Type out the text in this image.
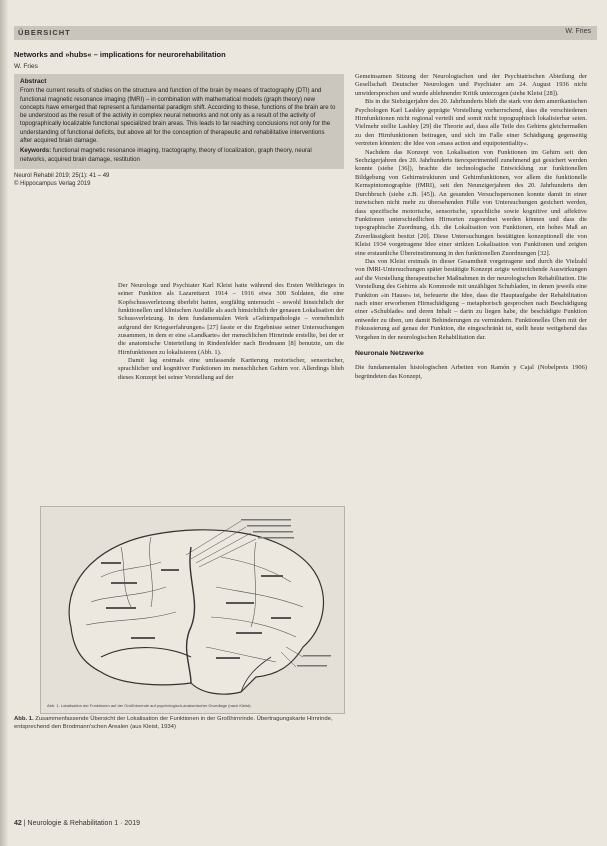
ÜBERSICHT	W. Fries
Networks and »hubs« – implications for neurorehabilitation
W. Fries
Abstract
From the current results of studies on the structure and function of the brain by means of tractography (DTI) and functional magnetic resonance imaging (fMRI) – in combination with mathematical models (graph theory) new concepts have emerged that represent a fundamental paradigm shift. According to these, functions of the brain are to be understood as the result of the activity in complex neural networks and not only as a result of the activity of topographically localizable functional specialized brain areas. This leads to far reaching conclusions not only for the understanding of functional deficits, but above all for the conception of therapeutic and rehabilitative interventions after acquired brain damage.
Keywords: functional magnetic resonance imaging, tractography, theory of localization, graph theory, neural networks, acquired brain damage, restitution
Neurol Rehabil 2019; 25(1): 41 – 49
© Hippocampus Verlag 2019

Der Neurologe und Psychiater Karl Kleist hatte während des Ersten Weltkrieges in seiner Funktion als Lazarettarzt 1914 – 1916 etwa 300 Soldaten, die eine Kopfschussverletzung überlebt hatten, sorgfältig untersucht – sowohl hinsichtlich der funktionellen und klinischen Ausfälle als auch hinsichtlich der genauen Lokalisation der Schussverletzung. In dem fundamentalen Werk »Gehirnpathologie – vornehmlich aufgrund der Kriegserfahrungen« [27] fasste er die Ergebnisse seiner Untersuchungen zusammen, in dem er eine »Landkarte« der menschlichen Hirnrinde erstellte, bei der er die anatomische Unterteilung in Rindenfelder nach Brodmann [8] benutzte, um die Hirnfunktionen zu lokalisieren (Abb. 1).

Damit lag erstmals eine umfassende Kartierung motorischer, sensorischer, sprachlicher und kognitiver Funktionen im menschlichen Gehirn vor. Allerdings blieb dieses Konzept bei seiner Vorstellung auf der

Abb. 1. Lokalisation der Funktionen auf der Großhirnrinde auf psychologisch-anatomischer Grundlage (nach Kleist).
Abb. 1. Zusammenfassende Übersicht der Lokalisation der Funktionen in der Großhirnrinde. Übertragungskarte Hirnrinde, entsprechend den Brodmann'schen Arealen (aus Kleist, 1934)

Gemeinsamen Sitzung der Neurologischen und der Psychiatrischen Abteilung der Gesellschaft Deutscher Neurologen und Psychiater am 24. August 1936 nicht unwidersprochen und wurde ablehnender Kritik unterzogen (siehe Kleist [28]).

Bis in die Siebzigerjahre des 20. Jahrhunderts blieb die stark von dem amerikanischen Psychologen Karl Lashley geprägte Vorstellung vorherrschend, dass die verschiedenen Hirnfunktionen nicht regional verteilt und somit nicht topographisch lokalisierbar seien. Vielmehr stellte Lashley [29] die Theorie auf, dass alle Teile des Gehirns gleichermaßen zu den Hirnfunktionen beitragen, und sich im Falle einer Schädigung gegenseitig vertreten könnten: die Idee von »mass action and equipotentiality«.

Nachdem das Konzept von Lokalisation von Funktionen im Gehirn seit den Sechzigerjahren des 20. Jahrhunderts tierexperimentell zunehmend gut gesichert werden konnte (siehe [36]), brachte die technologische Entwicklung zur funktionellen Bildgebung von Gehirnstrukturen und Gehirnfunktionen, vor allem die funktionelle Kernspintomographie (fMRI), seit den Neunzigerjahren des 20. Jahrhunderts den Durchbruch (siehe z.B. [45]). An gesunden Versuchspersonen konnte damit in einer inzwischen nicht mehr zu übersehenden Fülle von Untersuchungen gesichert werden, dass spezifische motorische, sensorische, sprachliche sowie kognitive und affektive Funktionen unterschiedlichen Hirnorten zugeordnet werden können und dass die topographische Zuordnung, d.h. die Lokalisation von Funktionen, ein hohes Maß an Zuverlässigkeit besitzt [20]. Diese Untersuchungen bestätigten konzeptionell die von Kleist 1934 vorgetragene Idee einer strikten Lokalisation von Funktionen und zeigten eine erstaunliche Übereinstimmung in den funktionellen Zuordnungen [32].

Das von Kleist erstmals in dieser Gesamtheit vorgetragene und durch die Vielzahl von fMRI-Untersuchungen später bestätigte Konzept zeigte weitreichende Auswirkungen auf die Vorstellung therapeutischer Maßnahmen in der neurologischen Rehabilitation. Die Vorstellung des Gehirns als Kommode mit unzähligen Schubladen, in denen jeweils eine Funktion »in Hause« ist, befeuerte die Idee, dass die Hauptaufgabe der Rehabilitation nach einer erworbenen Hirnschädigung – metaphorisch gesprochen nach Beschädigung einer »Schublade« und deren Inhalt – darin zu liegen habe, die beschädigte Funktion entweder zu üben, um damit Behinderungen zu vermindern. Funktionelles Üben mit der Fokussierung auf genau der Funktion, die eingeschränkt ist, stellt heute weitgehend das Vorgehen in der neurologischen Rehabilitation dar.

Neuronale Netzwerke

Die fundamentalen histologischen Arbeiten von Ramón y Cajal (Nobelpreis 1906) begründeten das Konzept,

42 | Neurologie & Rehabilitation 1 · 2019
